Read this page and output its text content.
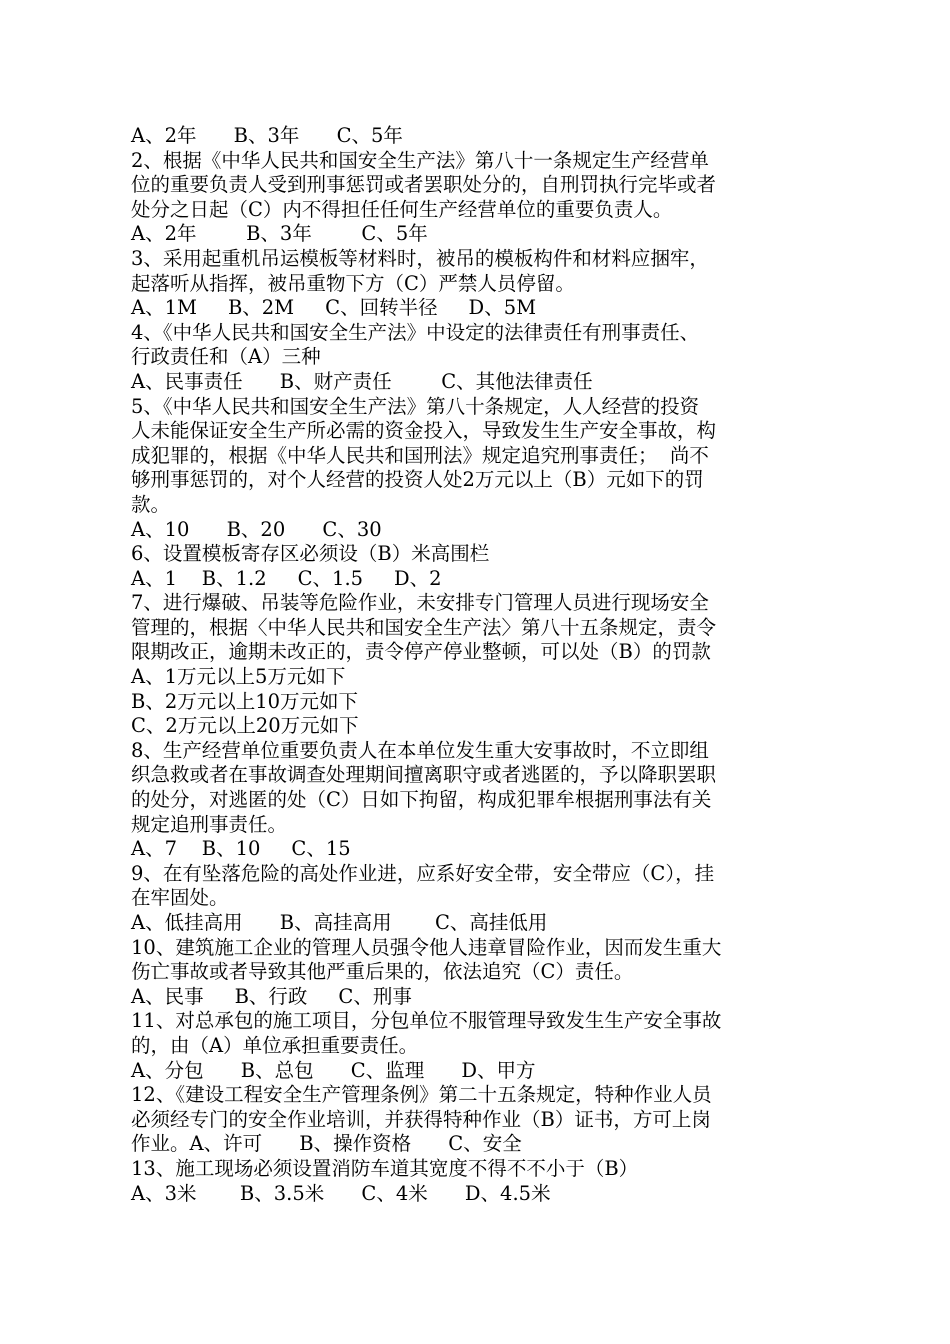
A、2年      B、3年      C、5年
2、根据《中华人民共和国安全生产法》第八十一条规定生产经营单
位的重要负责人受到刑事惩罚或者罢职处分的，自刑罚执行完毕或者
处分之日起（C）内不得担任任何生产经营单位的重要负责人。
A、2年        B、3年        C、5年
3、采用起重机吊运模板等材料时，被吊的模板构件和材料应捆牢，
起落听从指挥，被吊重物下方（C）严禁人员停留。
A、1M     B、2M     C、回转半径     D、5M
4、《中华人民共和国安全生产法》中设定的法律责任有刑事责任、
行政责任和（A）三种
A、民事责任      B、财产责任        C、其他法律责任
5、《中华人民共和国安全生产法》第八十条规定，人人经营的投资
人未能保证安全生产所必需的资金投入，导致发生生产安全事故，构
成犯罪的，根据《中华人民共和国刑法》规定追究刑事责任；  尚不
够刑事惩罚的，对个人经营的投资人处2万元以上（B）元如下的罚
款。
A、10      B、20      C、30
6、设置模板寄存区必须设（B）米高围栏
A、1    B、1.2     C、1.5     D、2
7、进行爆破、吊装等危险作业，未安排专门管理人员进行现场安全
管理的，根据〈中华人民共和国安全生产法〉第八十五条规定，责令
限期改正，逾期未改正的，责令停产停业整顿，可以处（B）的罚款
A、1万元以上5万元如下
B、2万元以上10万元如下
C、2万元以上20万元如下
8、生产经营单位重要负责人在本单位发生重大安事故时，不立即组
织急救或者在事故调查处理期间擅离职守或者逃匿的，予以降职罢职
的处分，对逃匿的处（C）日如下拘留，构成犯罪牟根据刑事法有关
规定追刑事责任。
A、7    B、10     C、15
9、在有坠落危险的高处作业进，应系好安全带，安全带应（C），挂
在牢固处。
A、低挂高用      B、高挂高用       C、高挂低用
10、建筑施工企业的管理人员强令他人违章冒险作业，因而发生重大
伤亡事故或者导致其他严重后果的，依法追究（C）责任。
A、民事     B、行政     C、刑事
11、对总承包的施工项目，分包单位不服管理导致发生生产安全事故
的，由（A）单位承担重要责任。
A、分包      B、总包      C、监理      D、甲方
12、《建设工程安全生产管理条例》第二十五条规定，特种作业人员
必须经专门的安全作业培训，并获得特种作业（B）证书，方可上岗
作业。A、许可      B、操作资格      C、安全
13、施工现场必须设置消防车道其宽度不得不不小于（B）
A、3米       B、3.5米      C、4米      D、4.5米
